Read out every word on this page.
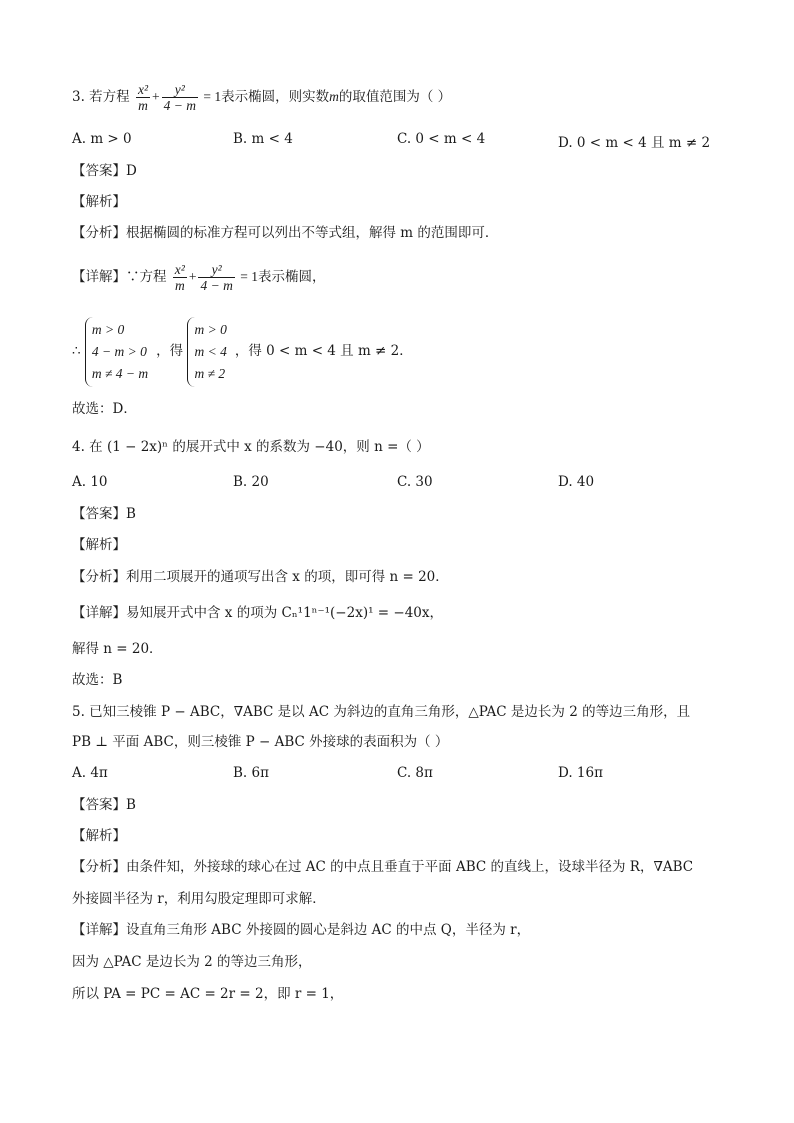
3. 若方程 $\frac{\text{x²}}{m} + \frac{\text{y²}}{4 - m} = 1$表示椭圆，则实数m的取值范围为（ ）
A. m > 0	B. m < 4	C. 0 < m < 4	D. 0 < m < 4 且 m ≠ 2
【答案】D
【解析】
【分析】根据椭圆的标准方程可以列出不等式组，解得 m 的范围即可．
【详解】∵方程 $\frac{\text{x²}}{m} + \frac{\text{y²}}{4 - m} = 1$表示椭圆，
∴
m > 0
4 − m > 0
m ≠ 4 − m
，得
m > 0
m < 4
m ≠ 2
，得 0 < m < 4 且 m ≠ 2．
故选：D．
4. 在 (1 − 2x)ⁿ 的展开式中 x 的系数为 −40，则 n =（ ）
A. 10	B. 20	C. 30	D. 40
【答案】B
【解析】
【分析】利用二项展开的通项写出含 x 的项，即可得 n = 20．
【详解】易知展开式中含 x 的项为 Cₙ¹1ⁿ⁻¹(−2x)¹ = −40x，
解得 n = 20．
故选：B
5. 已知三棱锥 P − ABC，∇ABC 是以 AC 为斜边的直角三角形，△PAC 是边长为 2 的等边三角形，且
PB ⊥ 平面 ABC，则三棱锥 P − ABC 外接球的表面积为（ ）
A. 4π	B. 6π	C. 8π	D. 16π
【答案】B
【解析】
【分析】由条件知，外接球的球心在过 AC 的中点且垂直于平面 ABC 的直线上，设球半径为 R，∇ABC
外接圆半径为 r，利用勾股定理即可求解．
【详解】设直角三角形 ABC 外接圆的圆心是斜边 AC 的中点 Q，半径为 r，
因为 △PAC 是边长为 2 的等边三角形，
所以 PA = PC = AC = 2r = 2，即 r = 1，
